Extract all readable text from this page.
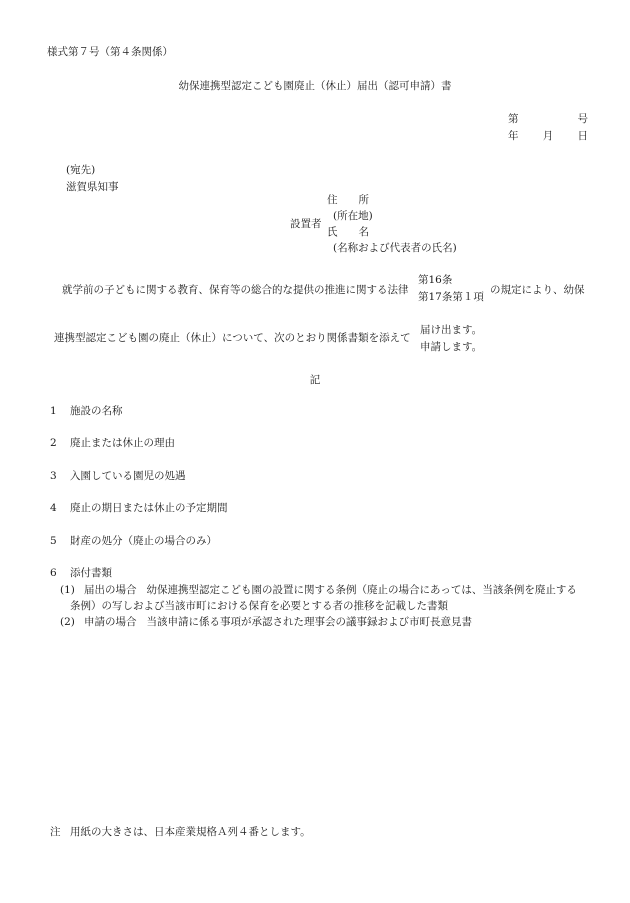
様式第７号（第４条関係）
幼保連携型認定こども園廃止（休止）届出（認可申請）書
第	号
年 月 日
(宛先)
滋賀県知事
設置者
住　　所
(所在地)
氏　　名
(名称および代表者の氏名)
就学前の子どもに関する教育、保育等の総合的な提供の推進に関する法律
第16条
第17条第１項
の規定により、幼保
連携型認定こども園の廃止（休止）について、次のとおり関係書類を添えて
届け出ます。
申請します。
記
1 施設の名称
2 廃止または休止の理由
3 入園している園児の処遇
4 廃止の期日または休止の予定期間
5 財産の処分（廃止の場合のみ）
6 添付書類
(1) 届出の場合 幼保連携型認定こども園の設置に関する条例（廃止の場合にあっては、当該条例を廃止する
条例）の写しおよび当該市町における保育を必要とする者の推移を記載した書類
(2) 申請の場合 当該申請に係る事項が承認された理事会の議事録および市町長意見書
注 用紙の大きさは、日本産業規格Ａ列４番とします。
